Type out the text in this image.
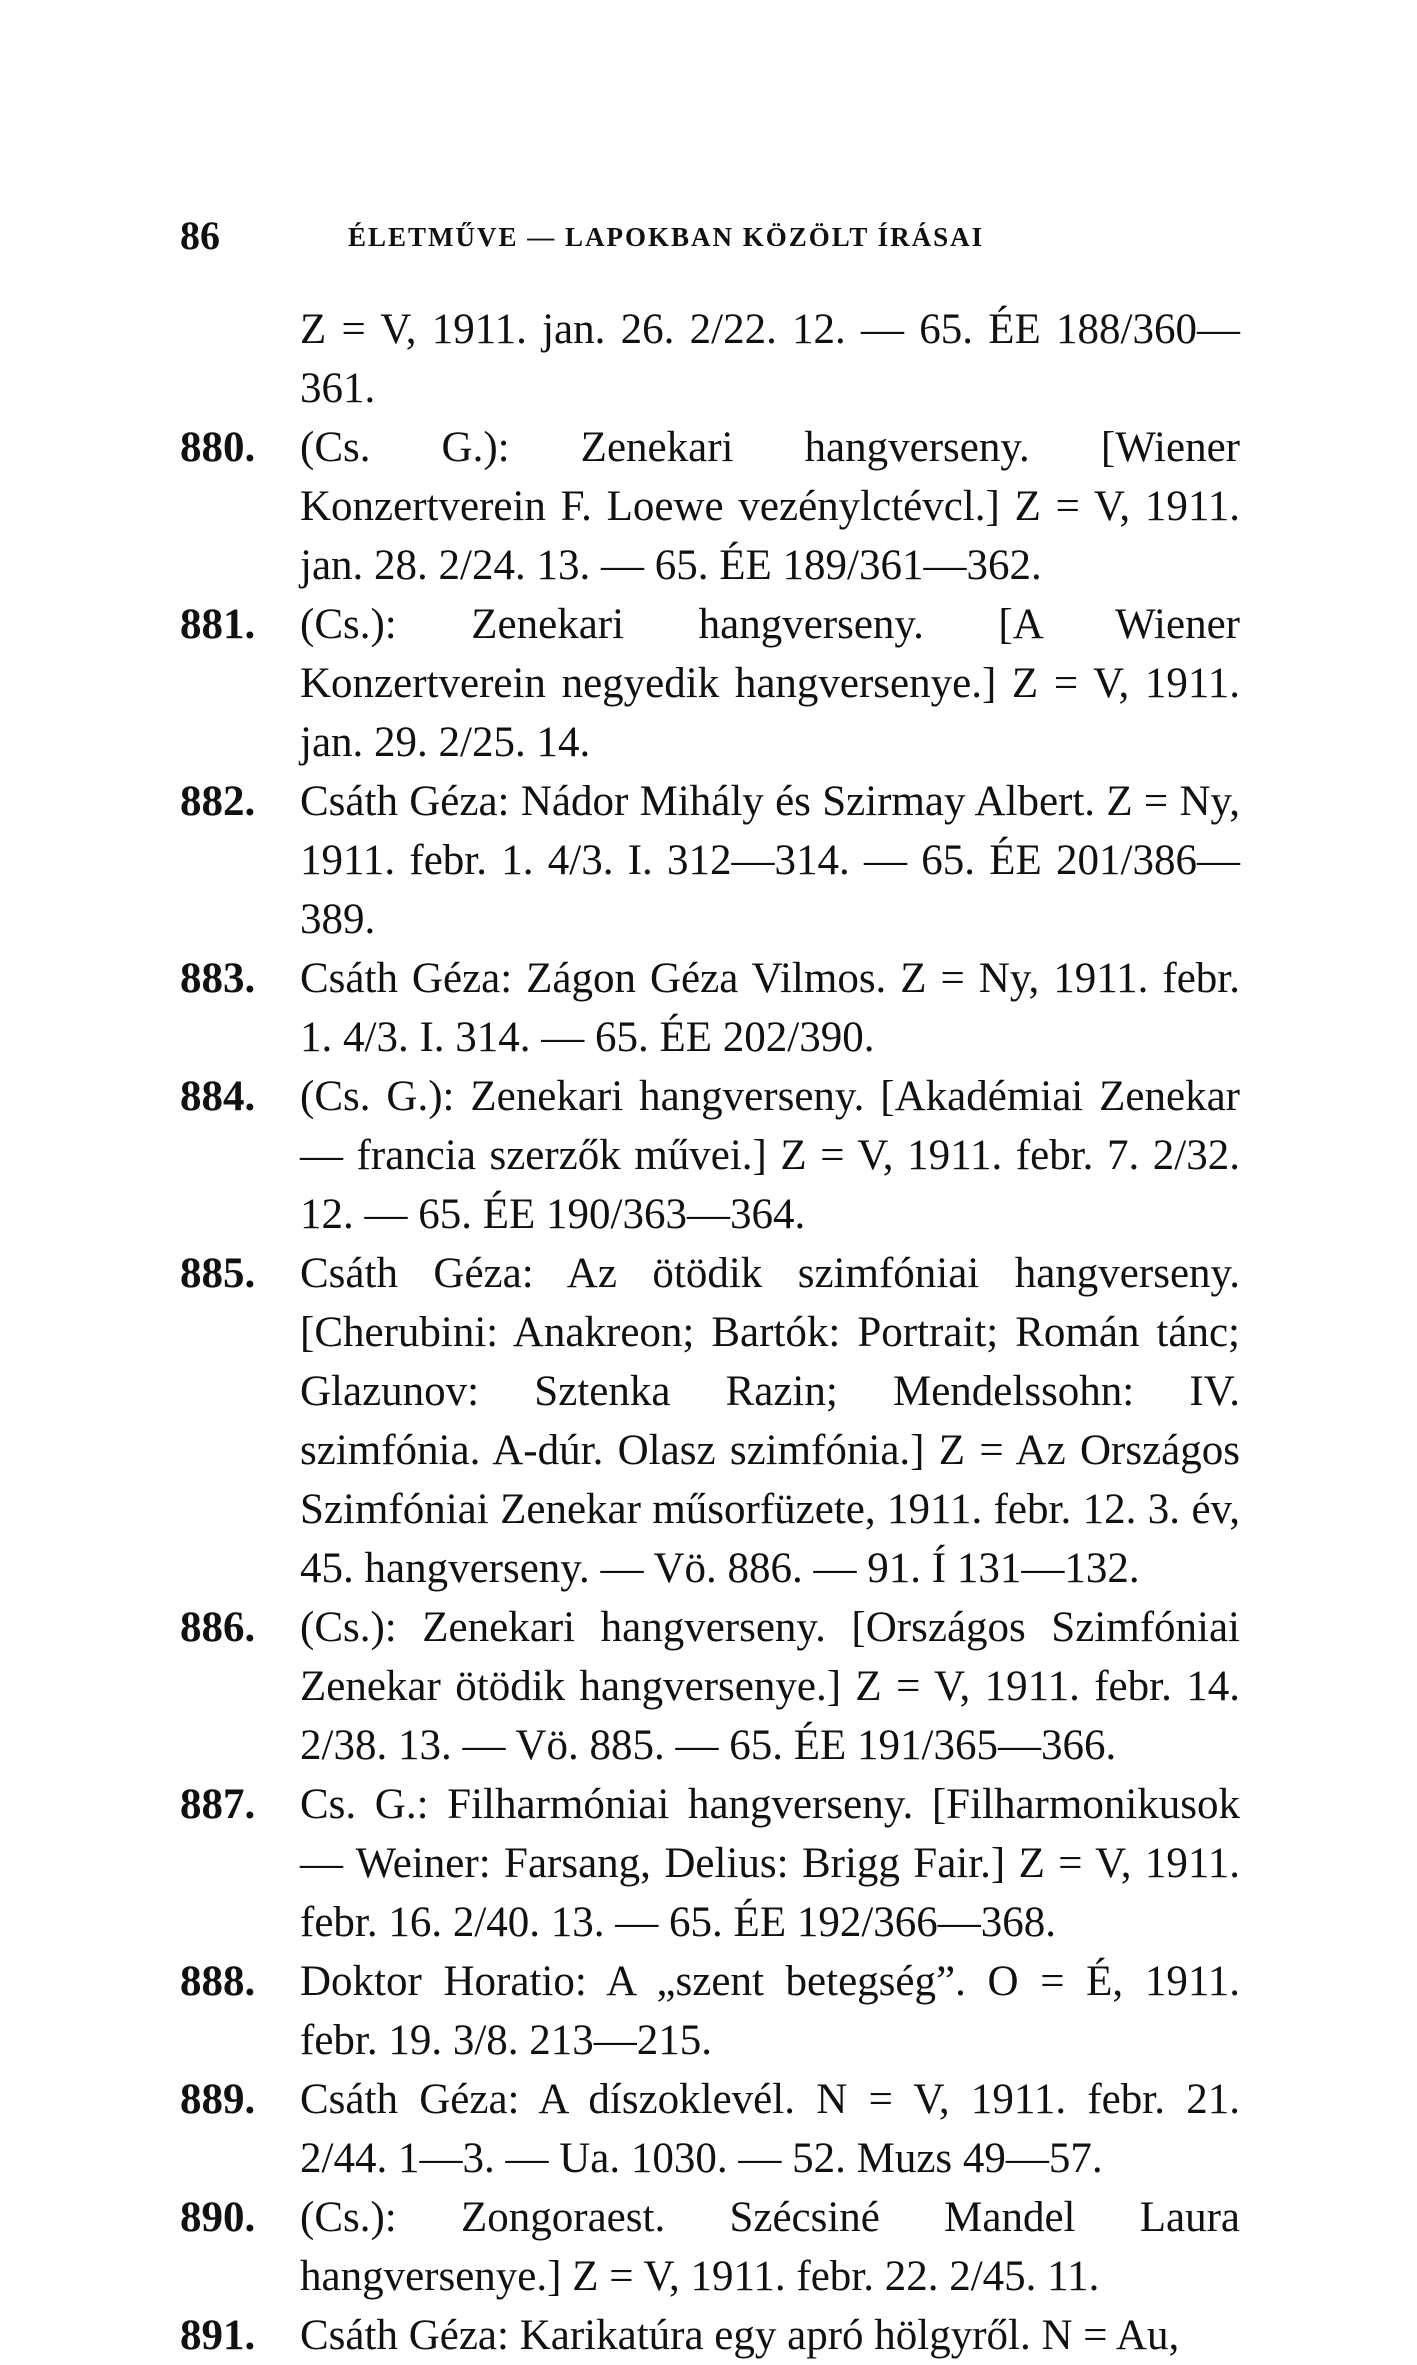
86	ÉLETMŰVE — LAPOKBAN KÖZÖLT ÍRÁSAI
Z = V, 1911. jan. 26. 2/22. 12. — 65. ÉE 188/360—361.
880. (Cs. G.): Zenekari hangverseny. [Wiener Konzertverein F. Loewe vezénylctévcl.] Z = V, 1911. jan. 28. 2/24. 13. — 65. ÉE 189/361—362.
881. (Cs.): Zenekari hangverseny. [A Wiener Konzertverein negyedik hangversenye.] Z = V, 1911. jan. 29. 2/25. 14.
882. Csáth Géza: Nádor Mihály és Szirmay Albert. Z = Ny, 1911. febr. 1. 4/3. I. 312—314. — 65. ÉE 201/386—389.
883. Csáth Géza: Zágon Géza Vilmos. Z = Ny, 1911. febr. 1. 4/3. I. 314. — 65. ÉE 202/390.
884. (Cs. G.): Zenekari hangverseny. [Akadémiai Zenekar — francia szerzők művei.] Z = V, 1911. febr. 7. 2/32. 12. — 65. ÉE 190/363—364.
885. Csáth Géza: Az ötödik szimfóniai hangverseny. [Cherubini: Anakreon; Bartók: Portrait; Román tánc; Glazunov: Sztenka Razin; Mendelssohn: IV. szimfónia. A-dúr. Olasz szimfónia.] Z = Az Országos Szimfóniai Zenekar műsorfüzete, 1911. febr. 12. 3. év, 45. hangverseny. — Vö. 886. — 91. Í 131—132.
886. (Cs.): Zenekari hangverseny. [Országos Szimfóniai Zenekar ötödik hangversenye.] Z = V, 1911. febr. 14. 2/38. 13. — Vö. 885. — 65. ÉE 191/365—366.
887. Cs. G.: Filharmóniai hangverseny. [Filharmonikusok — Weiner: Farsang, Delius: Brigg Fair.] Z = V, 1911. febr. 16. 2/40. 13. — 65. ÉE 192/366—368.
888. Doktor Horatio: A „szent betegség”. O = É, 1911. febr. 19. 3/8. 213—215.
889. Csáth Géza: A díszoklevél. N = V, 1911. febr. 21. 2/44. 1—3. — Ua. 1030. — 52. Muzs 49—57.
890. (Cs.): Zongoraest. Szécsiné Mandel Laura hangversenye.] Z = V, 1911. febr. 22. 2/45. 11.
891. Csáth Géza: Karikatúra egy apró hölgyről. N = Au,
